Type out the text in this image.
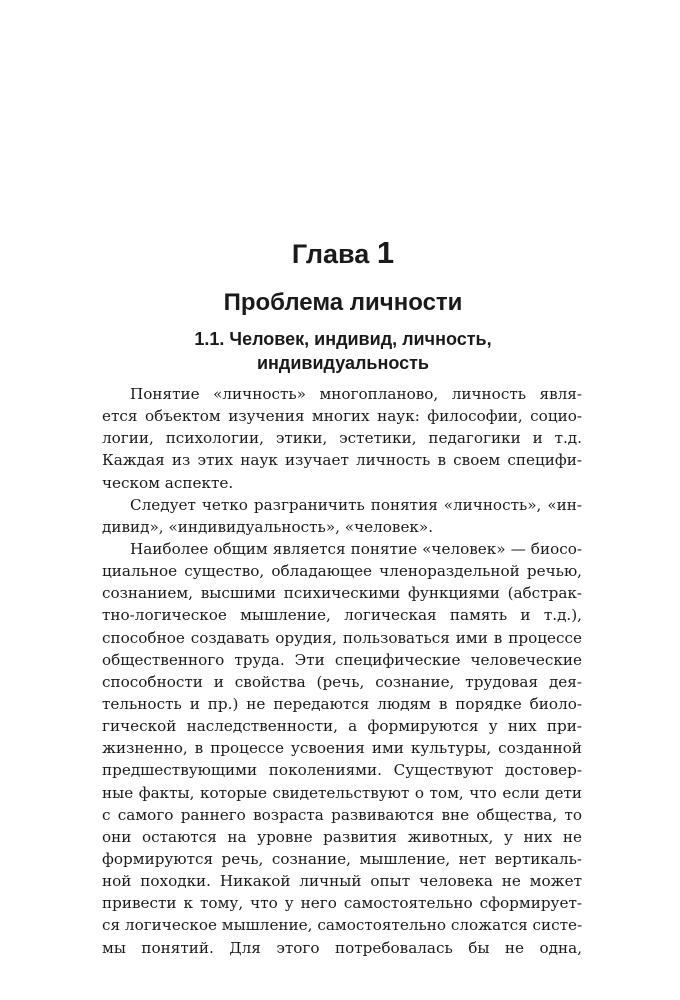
Глава 1
Проблема личности
1.1. Человек, индивид, личность,
индивидуальность
Понятие «личность» многопланово, личность явля-
ется объектом изучения многих наук: философии, социо-
логии, психологии, этики, эстетики, педагогики и т.д.
Каждая из этих наук изучает личность в своем специфи-
ческом аспекте.
Следует четко разграничить понятия «личность», «ин-
дивид», «индивидуальность», «человек».
Наиболее общим является понятие «человек» — биосо-
циальное существо, обладающее членораздельной речью,
сознанием, высшими психическими функциями (абстрак-
тно-логическое мышление, логическая память и т.д.),
способное создавать орудия, пользоваться ими в процессе
общественного труда. Эти специфические человеческие
способности и свойства (речь, сознание, трудовая дея-
тельность и пр.) не передаются людям в порядке биоло-
гической наследственности, а формируются у них при-
жизненно, в процессе усвоения ими культуры, созданной
предшествующими поколениями. Существуют достовер-
ные факты, которые свидетельствуют о том, что если дети
с самого раннего возраста развиваются вне общества, то
они остаются на уровне развития животных, у них не
формируются речь, сознание, мышление, нет вертикаль-
ной походки. Никакой личный опыт человека не может
привести к тому, что у него самостоятельно сформирует-
ся логическое мышление, самостоятельно сложатся систе-
мы понятий. Для этого потребовалась бы не одна,
